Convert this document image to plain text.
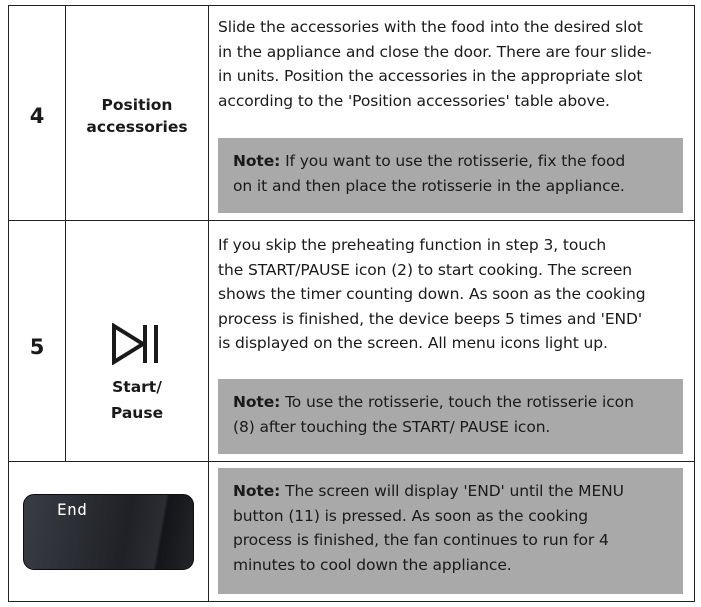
4	Position
accessories
Slide the accessories with the food into the desired slot
in the appliance and close the door. There are four slide-
in units. Position the accessories in the appropriate slot
according to the 'Position accessories' table above.
Note: If you want to use the rotisserie, fix the food
on it and then place the rotisserie in the appliance.
5
Start/
Pause
If you skip the preheating function in step 3, touch
the START/PAUSE icon (2) to start cooking. The screen
shows the timer counting down. As soon as the cooking
process is finished, the device beeps 5 times and 'END'
is displayed on the screen. All menu icons light up.
Note: To use the rotisserie, touch the rotisserie icon
(8) after touching the START/ PAUSE icon.
End
Note: The screen will display 'END' until the MENU
button (11) is pressed. As soon as the cooking
process is finished, the fan continues to run for 4
minutes to cool down the appliance.
